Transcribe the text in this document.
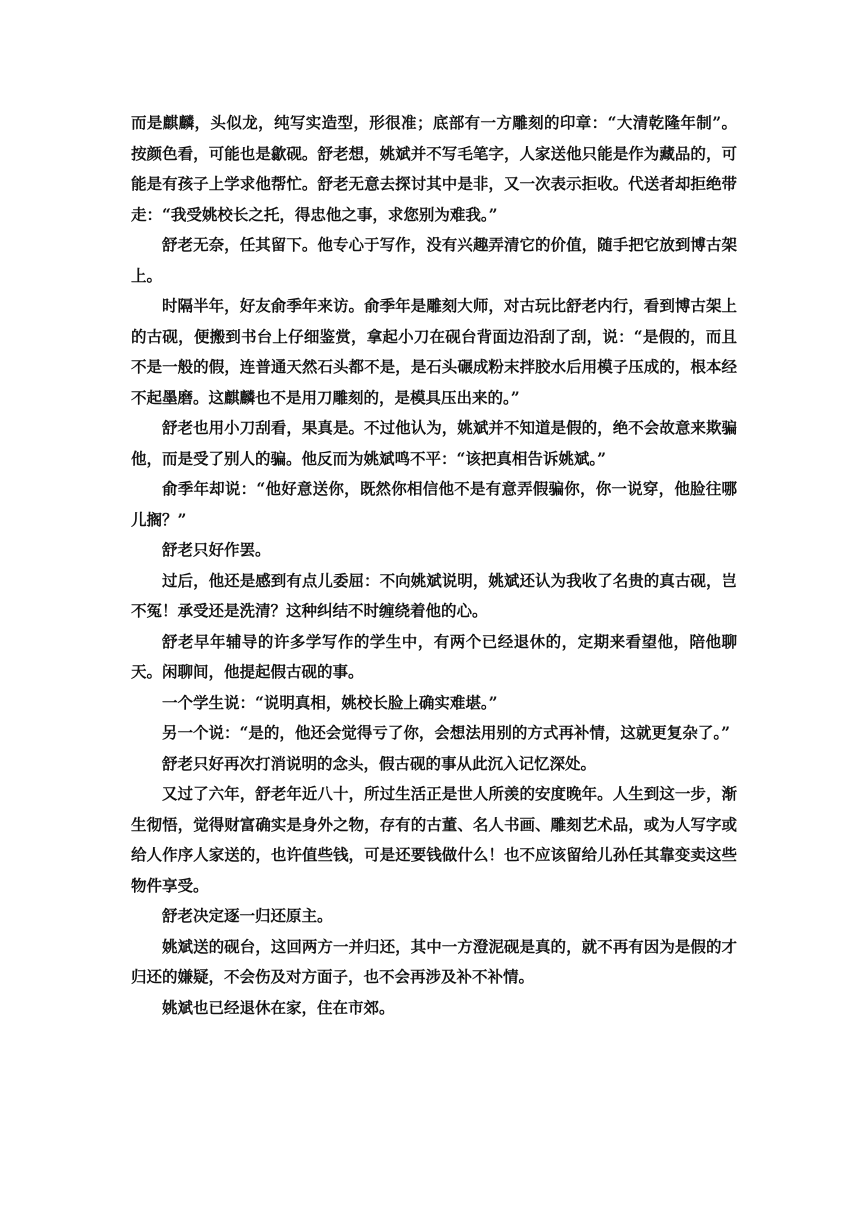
而是麒麟，头似龙，纯写实造型，形很准；底部有一方雕刻的印章：“大清乾隆年制”。按颜色看，可能也是歙砚。舒老想，姚斌并不写毛笔字，人家送他只能是作为藏品的，可能是有孩子上学求他帮忙。舒老无意去探讨其中是非，又一次表示拒收。代送者却拒绝带走：“我受姚校长之托，得忠他之事，求您别为难我。”

舒老无奈，任其留下。他专心于写作，没有兴趣弄清它的价值，随手把它放到博古架上。

时隔半年，好友俞季年来访。俞季年是雕刻大师，对古玩比舒老内行，看到博古架上的古砚，便搬到书台上仔细鉴赏，拿起小刀在砚台背面边沿刮了刮，说：“是假的，而且不是一般的假，连普通天然石头都不是，是石头碾成粉末拌胶水后用模子压成的，根本经不起墨磨。这麒麟也不是用刀雕刻的，是模具压出来的。”

舒老也用小刀刮看，果真是。不过他认为，姚斌并不知道是假的，绝不会故意来欺骗他，而是受了别人的骗。他反而为姚斌鸣不平：“该把真相告诉姚斌。”

俞季年却说：“他好意送你，既然你相信他不是有意弄假骗你，你一说穿，他脸往哪儿搁？”

舒老只好作罢。

过后，他还是感到有点儿委屈：不向姚斌说明，姚斌还认为我收了名贵的真古砚，岂不冤！承受还是洗清？这种纠结不时缠绕着他的心。

舒老早年辅导的许多学写作的学生中，有两个已经退休的，定期来看望他，陪他聊天。闲聊间，他提起假古砚的事。

一个学生说：“说明真相，姚校长脸上确实难堪。”

另一个说：“是的，他还会觉得亏了你，会想法用别的方式再补情，这就更复杂了。”

舒老只好再次打消说明的念头，假古砚的事从此沉入记忆深处。

又过了六年，舒老年近八十，所过生活正是世人所羡的安度晚年。人生到这一步，渐生彻悟，觉得财富确实是身外之物，存有的古董、名人书画、雕刻艺术品，或为人写字或给人作序人家送的，也许值些钱，可是还要钱做什么！也不应该留给儿孙任其靠变卖这些物件享受。

舒老决定逐一归还原主。

姚斌送的砚台，这回两方一并归还，其中一方澄泥砚是真的，就不再有因为是假的才归还的嫌疑，不会伤及对方面子，也不会再涉及补不补情。

姚斌也已经退休在家，住在市郊。
